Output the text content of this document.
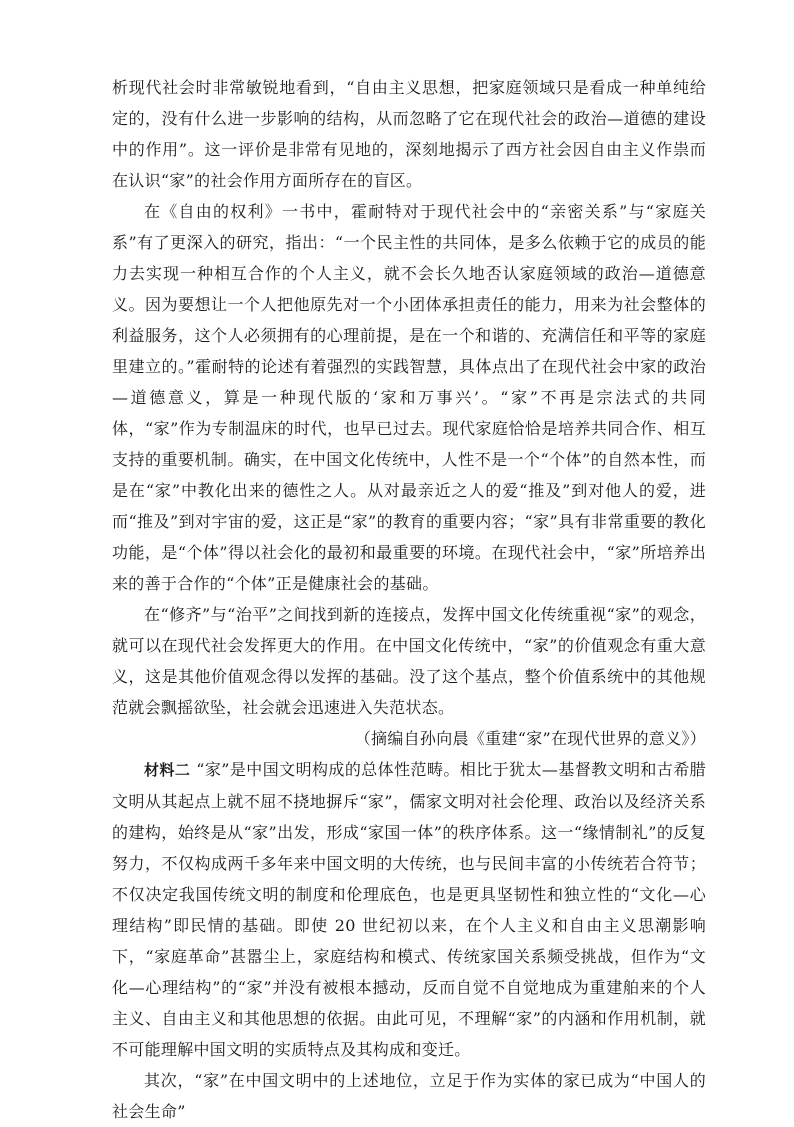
析现代社会时非常敏锐地看到，“自由主义思想，把家庭领域只是看成一种单纯给定的，没有什么进一步影响的结构，从而忽略了它在现代社会的政治—道德的建设中的作用”。这一评价是非常有见地的，深刻地揭示了西方社会因自由主义作祟而在认识“家”的社会作用方面所存在的盲区。

在《自由的权利》一书中，霍耐特对于现代社会中的“亲密关系”与“家庭关系”有了更深入的研究，指出：“一个民主性的共同体，是多么依赖于它的成员的能力去实现一种相互合作的个人主义，就不会长久地否认家庭领域的政治—道德意义。因为要想让一个人把他原先对一个小团体承担责任的能力，用来为社会整体的利益服务，这个人必须拥有的心理前提，是在一个和谐的、充满信任和平等的家庭里建立的。”霍耐特的论述有着强烈的实践智慧，具体点出了在现代社会中家的政治—道德意义，算是一种现代版的‘家和万事兴’。“家”不再是宗法式的共同体，“家”作为专制温床的时代，也早已过去。现代家庭恰恰是培养共同合作、相互支持的重要机制。确实，在中国文化传统中，人性不是一个“个体”的自然本性，而是在“家”中教化出来的德性之人。从对最亲近之人的爱“推及”到对他人的爱，进而“推及”到对宇宙的爱，这正是“家”的教育的重要内容；“家”具有非常重要的教化功能，是“个体”得以社会化的最初和最重要的环境。在现代社会中，“家”所培养出来的善于合作的“个体”正是健康社会的基础。

在“修齐”与“治平”之间找到新的连接点，发挥中国文化传统重视“家”的观念，就可以在现代社会发挥更大的作用。在中国文化传统中，“家”的价值观念有重大意义，这是其他价值观念得以发挥的基础。没了这个基点，整个价值系统中的其他规范就会飘摇欲坠，社会就会迅速进入失范状态。

（摘编自孙向晨《重建“家”在现代世界的意义》）

材料二 “家”是中国文明构成的总体性范畴。相比于犹太—基督教文明和古希腊文明从其起点上就不屈不挠地摒斥“家”，儒家文明对社会伦理、政治以及经济关系的建构，始终是从“家”出发，形成“家国一体”的秩序体系。这一“缘情制礼”的反复努力，不仅构成两千多年来中国文明的大传统，也与民间丰富的小传统若合符节；不仅决定我国传统文明的制度和伦理底色，也是更具坚韧性和独立性的“文化—心理结构”即民情的基础。即使 20 世纪初以来，在个人主义和自由主义思潮影响下，“家庭革命”甚嚣尘上，家庭结构和模式、传统家国关系频受挑战，但作为“文化—心理结构”的“家”并没有被根本撼动，反而自觉不自觉地成为重建舶来的个人主义、自由主义和其他思想的依据。由此可见，不理解“家”的内涵和作用机制，就不可能理解中国文明的实质特点及其构成和变迁。

其次，“家”在中国文明中的上述地位，立足于作为实体的家已成为“中国人的社会生命”
